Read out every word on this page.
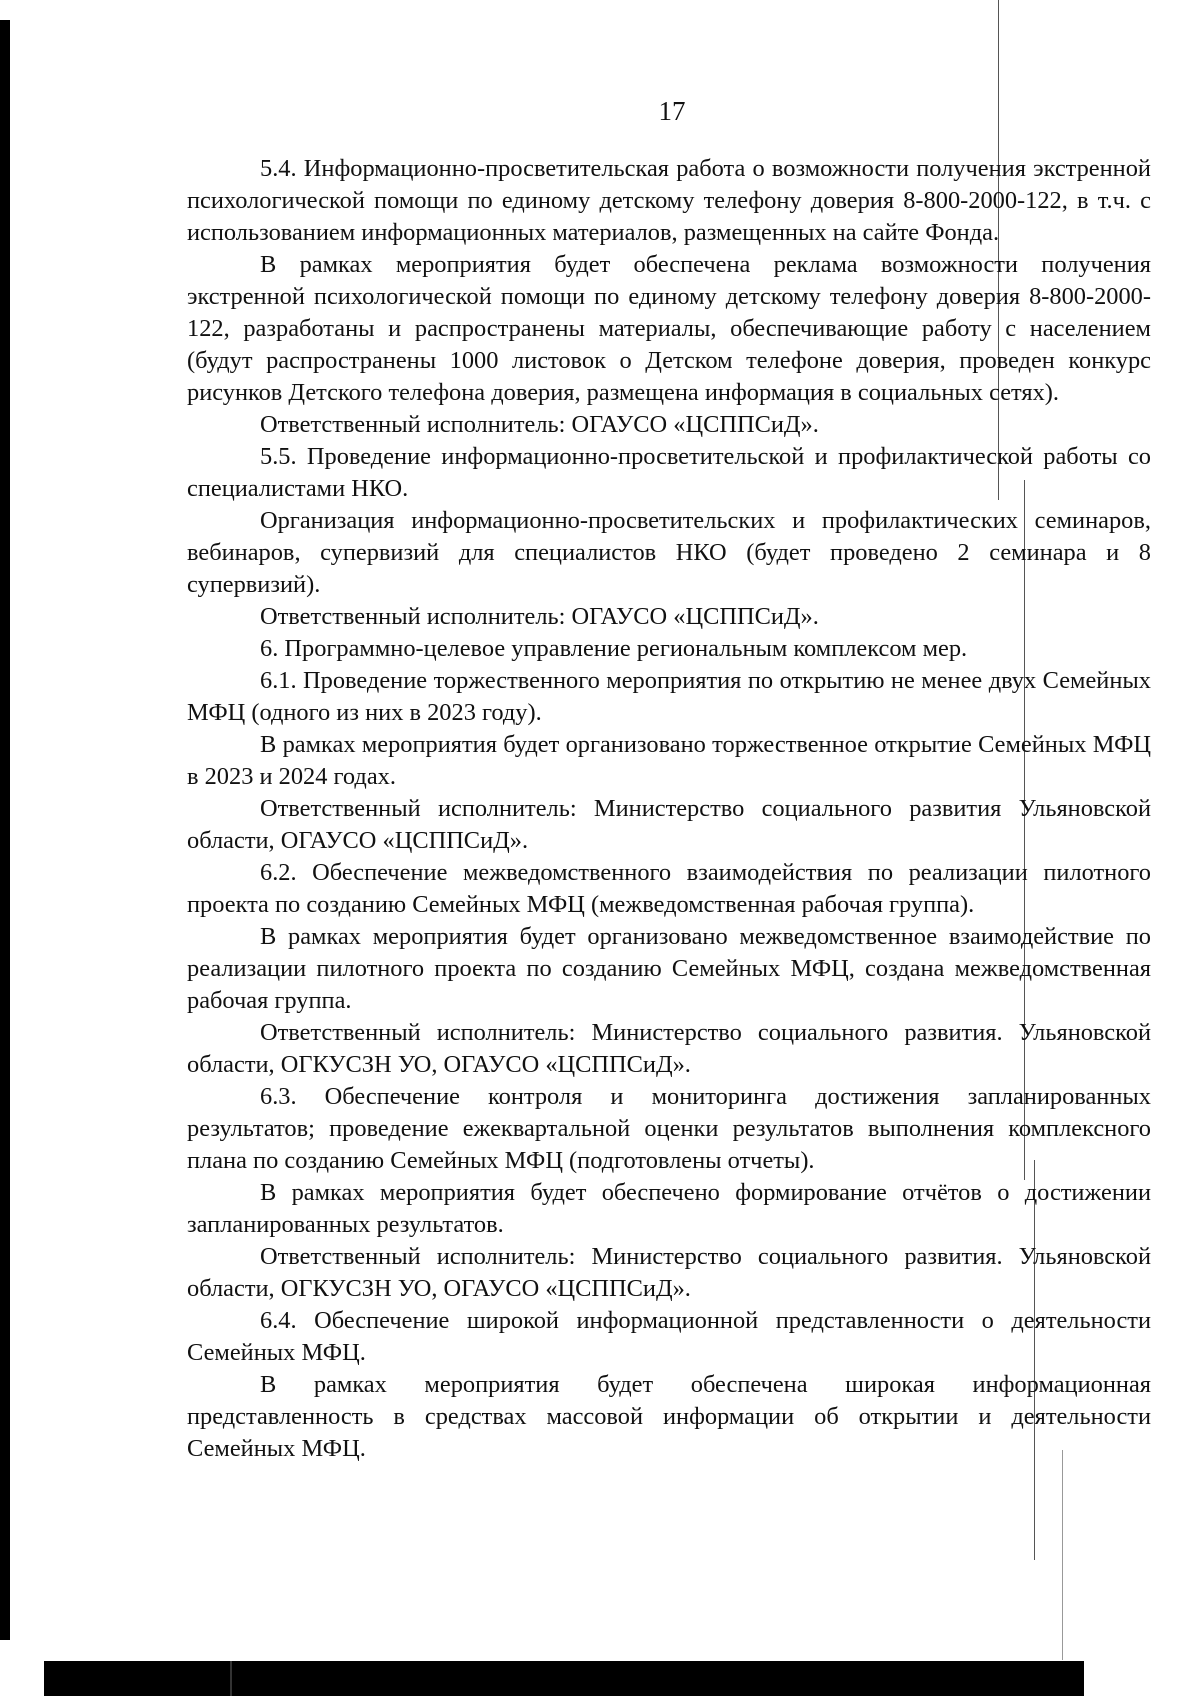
17

5.4. Информационно-просветительская работа о возможности получения экстренной психологической помощи по единому детскому телефону доверия 8-800-2000-122, в т.ч. с использованием информационных материалов, размещенных на сайте Фонда.

В рамках мероприятия будет обеспечена реклама возможности получения экстренной психологической помощи по единому детскому телефону доверия 8-800-2000-122, разработаны и распространены материалы, обеспечивающие работу с населением (будут распространены 1000 листовок о Детском телефоне доверия, проведен конкурс рисунков Детского телефона доверия, размещена информация в социальных сетях).

Ответственный исполнитель: ОГАУСО «ЦСППСиД».

5.5. Проведение информационно-просветительской и профилактической работы со специалистами НКО.

Организация информационно-просветительских и профилактических семинаров, вебинаров, супервизий для специалистов НКО (будет проведено 2 семинара и 8 супервизий).

Ответственный исполнитель: ОГАУСО «ЦСППСиД».

6. Программно-целевое управление региональным комплексом мер.

6.1. Проведение торжественного мероприятия по открытию не менее двух Семейных МФЦ (одного из них в 2023 году).

В рамках мероприятия будет организовано торжественное открытие Семейных МФЦ в 2023 и 2024 годах.

Ответственный исполнитель: Министерство социального развития Ульяновской области, ОГАУСО «ЦСППСиД».

6.2. Обеспечение межведомственного взаимодействия по реализации пилотного проекта по созданию Семейных МФЦ (межведомственная рабочая группа).

В рамках мероприятия будет организовано межведомственное взаимодействие по реализации пилотного проекта по созданию Семейных МФЦ, создана межведомственная рабочая группа.

Ответственный исполнитель: Министерство социального развития. Ульяновской области, ОГКУСЗН УО, ОГАУСО «ЦСППСиД».

6.3. Обеспечение контроля и мониторинга достижения запланированных результатов; проведение ежеквартальной оценки результатов выполнения комплексного плана по созданию Семейных МФЦ (подготовлены отчеты).

В рамках мероприятия будет обеспечено формирование отчётов о достижении запланированных результатов.

Ответственный исполнитель: Министерство социального развития. Ульяновской области, ОГКУСЗН УО, ОГАУСО «ЦСППСиД».

6.4. Обеспечение широкой информационной представленности о деятельности Семейных МФЦ.

В рамках мероприятия будет обеспечена широкая информационная представленность в средствах массовой информации об открытии и деятельности Семейных МФЦ.
